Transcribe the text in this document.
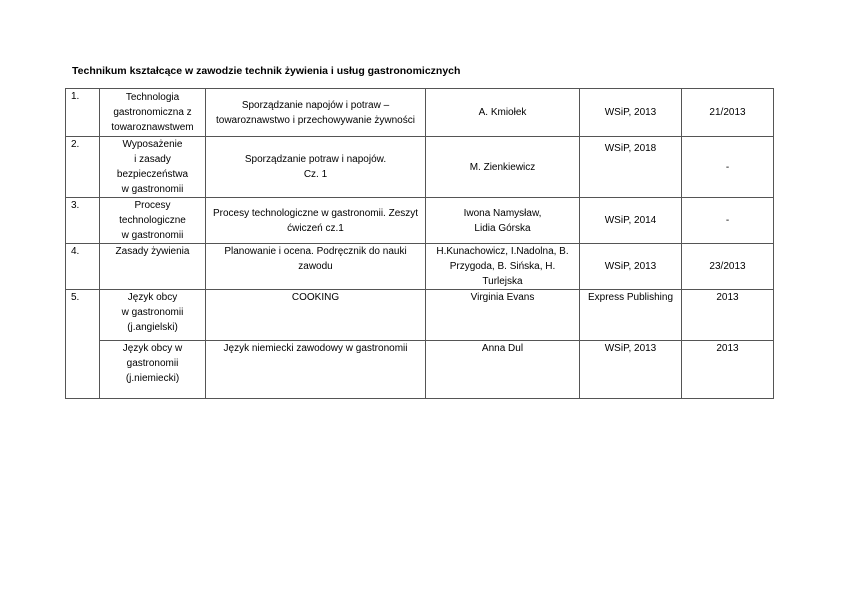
Technikum kształcące w zawodzie technik żywienia i usług gastronomicznych
1.	Technologia
gastronomiczna z
towaroznawstwem	Sporządzanie napojów i potraw –
towaroznawstwo i przechowywanie żywności	A. Kmiołek	WSiP, 2013	21/2013
2.	Wyposażenie
i zasady
bezpieczeństwa
w gastronomii	Sporządzanie potraw i napojów.
Cz. 1	M. Zienkiewicz	WSiP, 2018	-
3.	Procesy
technologiczne
w gastronomii	Procesy technologiczne w gastronomii. Zeszyt
ćwiczeń cz.1	Iwona Namysław,
Lidia Górska	WSiP, 2014	-
4.	Zasady żywienia	Planowanie i ocena. Podręcznik do nauki
zawodu	H.Kunachowicz, I.Nadolna, B.
Przygoda, B. Sińska, H. Turlejska	WSiP, 2013	23/2013
5.	Język obcy
w gastronomii
(j.angielski)	COOKING	Virginia Evans	Express Publishing	2013

	Język obcy w
gastronomii
(j.niemiecki)	Język niemiecki zawodowy w gastronomii	Anna Dul	WSiP, 2013	2013
